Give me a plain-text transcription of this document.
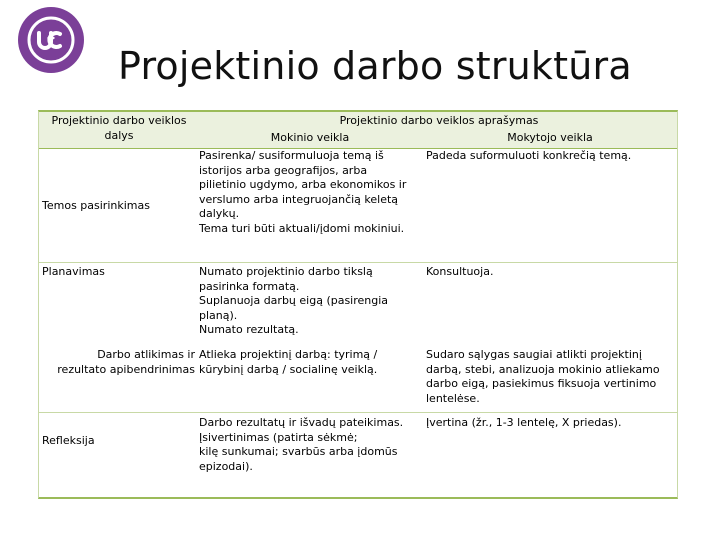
Projektinio darbo struktūra
Projektinio darbo veiklos
dalys
Projektinio darbo veiklos aprašymas
Mokinio veikla	Mokytojo veikla
Temos pasirinkimas
Pasirenka/ susiformuluoja temą iš
istorijos arba geografijos, arba
pilietinio ugdymo, arba ekonomikos ir
verslumo arba integruojančią keletą
dalykų.
Tema turi būti aktuali/įdomi mokiniui.
Padeda suformuluoti konkrečią temą.
Planavimas	Numato projektinio darbo tikslą
pasirinka formatą.
Suplanuoja darbų eigą (pasirengia
planą).
Numato rezultatą.
Konsultuoja.
Darbo atlikimas ir
rezultato apibendrinimas
Atlieka projektinį darbą: tyrimą /
kūrybinį darbą / socialinę veiklą.
Sudaro sąlygas saugiai atlikti projektinį
darbą, stebi, analizuoja mokinio atliekamo
darbo eigą, pasiekimus fiksuoja vertinimo
lentelėse.
Refleksija
Darbo rezultatų ir išvadų pateikimas.
Įsivertinimas (patirta sėkmė;
kilę sunkumai; svarbūs arba įdomūs
epizodai).
Įvertina (žr., 1-3 lentelę, X priedas).
